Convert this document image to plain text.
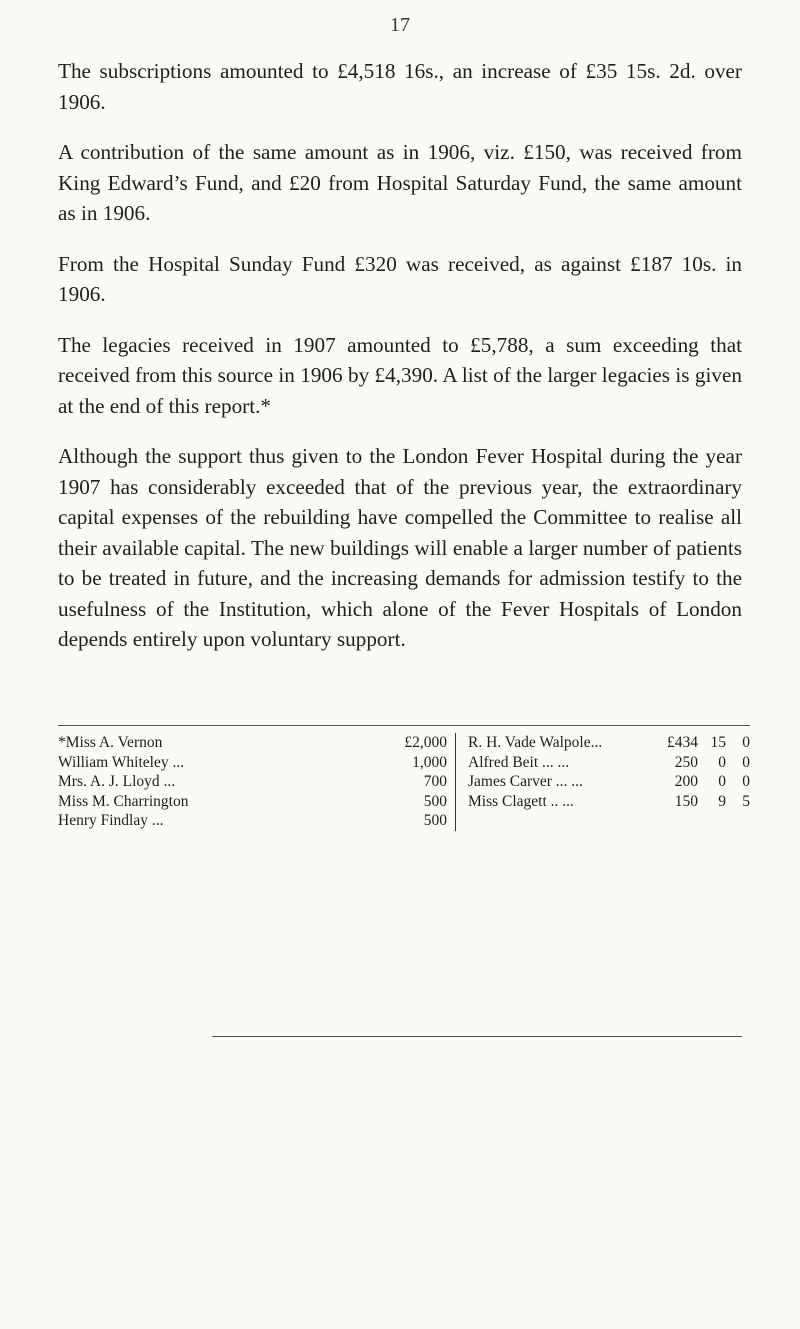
17

The subscriptions amounted to £4,518 16s., an increase of £35 15s. 2d. over 1906.

A contribution of the same amount as in 1906, viz. £150, was received from King Edward’s Fund, and £20 from Hospital Saturday Fund, the same amount as in 1906.

From the Hospital Sunday Fund £320 was received, as against £187 10s. in 1906.

The legacies received in 1907 amounted to £5,788, a sum exceeding that received from this source in 1906 by £4,390. A list of the larger legacies is given at the end of this report.*

Although the support thus given to the London Fever Hospital during the year 1907 has considerably exceeded that of the previous year, the extraordinary capital expenses of the rebuilding have compelled the Committee to realise all their available capital. The new buildings will enable a larger number of patients to be treated in future, and the increasing demands for admission testify to the usefulness of the Institution, which alone of the Fever Hospitals of London depends entirely upon voluntary support.

*Miss A. Vernon	£2,000
William Whiteley ...	1,000
Mrs. A. J. Lloyd ...	700
Miss M. Charrington	500
Henry Findlay ...	500
R. H. Vade Walpole...	£434 15	0
Alfred Beit ... ...	250	0	0
James Carver ... ...	200	0	0
Miss Clagett .. ...	150	9	5
